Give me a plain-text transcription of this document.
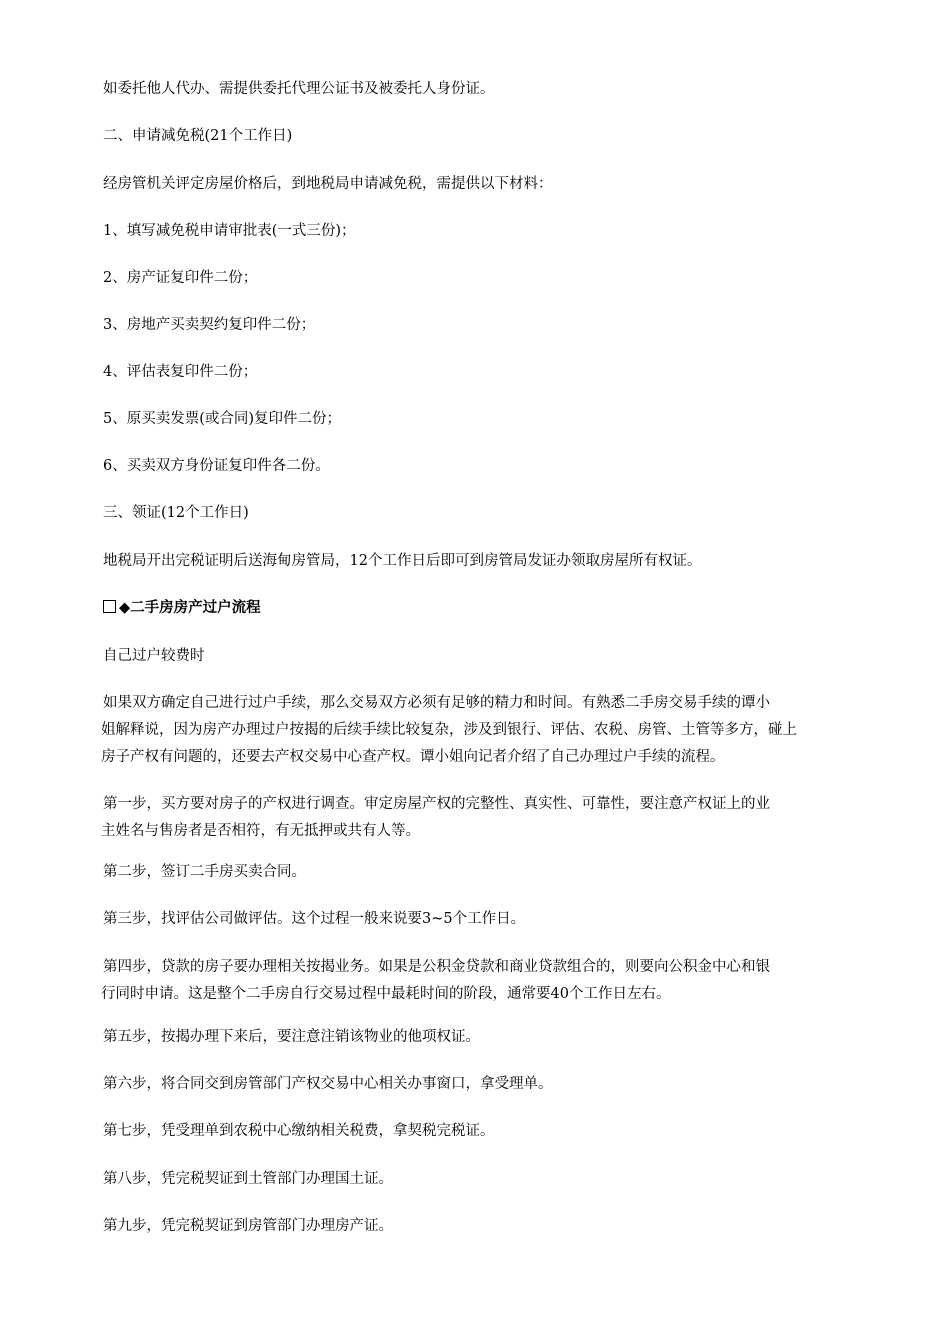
如委托他人代办、需提供委托代理公证书及被委托人身份证。
二、申请减免税(21个工作日)
经房管机关评定房屋价格后，到地税局申请减免税，需提供以下材料：
1、填写减免税申请审批表(一式三份)；
2、房产证复印件二份；
3、房地产买卖契约复印件二份；
4、评估表复印件二份；
5、原买卖发票(或合同)复印件二份；
6、买卖双方身份证复印件各二份。
三、领证(12个工作日)
地税局开出完税证明后送海甸房管局，12个工作日后即可到房管局发证办领取房屋所有权证。
◆二手房房产过户流程
自己过户较费时
如果双方确定自己进行过户手续，那么交易双方必须有足够的精力和时间。有熟悉二手房交易手续的谭小
姐解释说，因为房产办理过户按揭的后续手续比较复杂，涉及到银行、评估、农税、房管、土管等多方，碰上
房子产权有问题的，还要去产权交易中心查产权。谭小姐向记者介绍了自己办理过户手续的流程。
第一步，买方要对房子的产权进行调查。审定房屋产权的完整性、真实性、可靠性，要注意产权证上的业
主姓名与售房者是否相符，有无抵押或共有人等。
第二步，签订二手房买卖合同。
第三步，找评估公司做评估。这个过程一般来说要3~5个工作日。
第四步，贷款的房子要办理相关按揭业务。如果是公积金贷款和商业贷款组合的，则要向公积金中心和银
行同时申请。这是整个二手房自行交易过程中最耗时间的阶段，通常要40个工作日左右。
第五步，按揭办理下来后，要注意注销该物业的他项权证。
第六步，将合同交到房管部门产权交易中心相关办事窗口，拿受理单。
第七步，凭受理单到农税中心缴纳相关税费，拿契税完税证。
第八步，凭完税契证到土管部门办理国土证。
第九步，凭完税契证到房管部门办理房产证。
